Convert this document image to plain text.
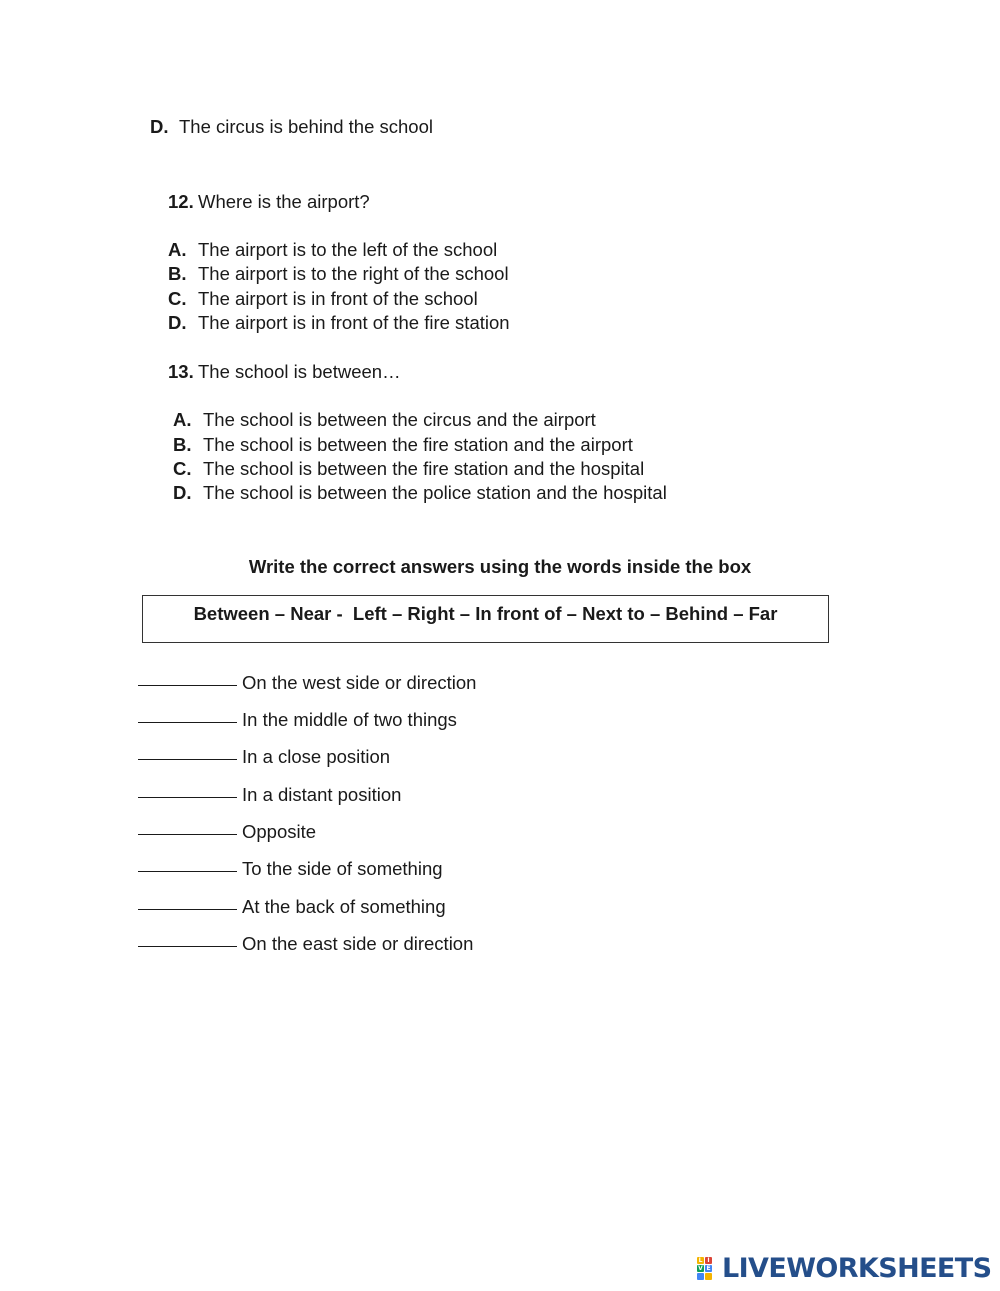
D. The circus is behind the school
12. Where is the airport?
A. The airport is to the left of the school
B. The airport is to the right of the school
C. The airport is in front of the school
D. The airport is in front of the fire station
13. The school is between…
A. The school is between the circus and the airport
B. The school is between the fire station and the airport
C. The school is between the fire station and the hospital
D. The school is between the police station and the hospital
Write the correct answers using the words inside the box
Between – Near -  Left – Right – In front of – Next to – Behind – Far
On the west side or direction
In the middle of two things
In a close position
In a distant position
Opposite
To the side of something
At the back of something
On the east side or direction
L I
V E LIVEWORKSHEETS
